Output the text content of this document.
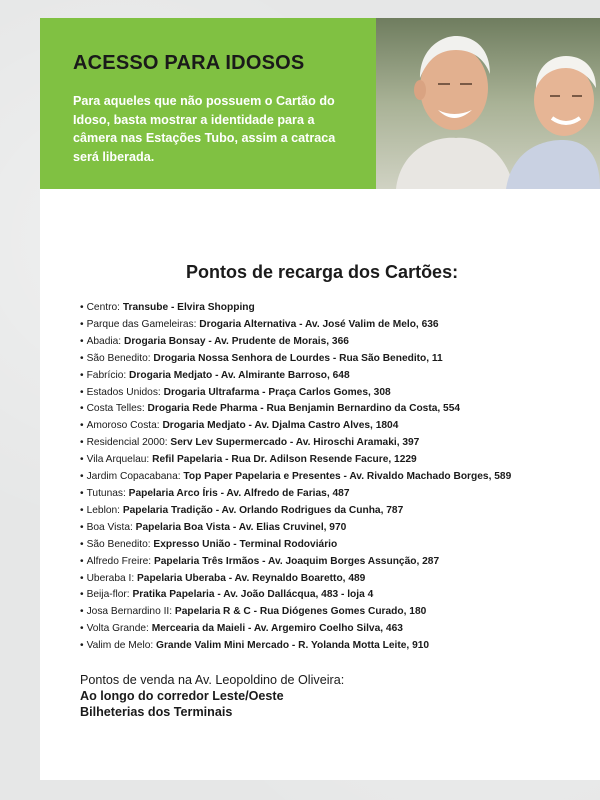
ACESSO PARA IDOSOS

Para aqueles que não possuem o Cartão do Idoso, basta mostrar a identidade para a câmera nas Estações Tubo, assim a catraca será liberada.

Pontos de recarga dos Cartões:
• Centro: Transube - Elvira Shopping
• Parque das Gameleiras: Drogaria Alternativa - Av. José Valim de Melo, 636
• Abadia: Drogaria Bonsay - Av. Prudente de Morais, 366
• São Benedito: Drogaria Nossa Senhora de Lourdes - Rua São Benedito, 11
• Fabrício: Drogaria Medjato - Av. Almirante Barroso, 648
• Estados Unidos: Drogaria Ultrafarma - Praça Carlos Gomes, 308
• Costa Telles: Drogaria Rede Pharma - Rua Benjamin Bernardino da Costa, 554
• Amoroso Costa: Drogaria Medjato - Av. Djalma Castro Alves, 1804
• Residencial 2000: Serv Lev Supermercado - Av. Hiroschi Aramaki, 397
• Vila Arquelau: Refil Papelaria - Rua Dr. Adilson Resende Facure, 1229
• Jardim Copacabana: Top Paper Papelaria e Presentes - Av. Rivaldo Machado Borges, 589
• Tutunas: Papelaria Arco Íris - Av. Alfredo de Farias, 487
• Leblon: Papelaria Tradição - Av. Orlando Rodrigues da Cunha, 787
• Boa Vista: Papelaria Boa Vista - Av. Elias Cruvinel, 970
• São Benedito: Expresso União - Terminal Rodoviário
• Alfredo Freire: Papelaria Três Irmãos - Av. Joaquim Borges Assunção, 287
• Uberaba I: Papelaria Uberaba - Av. Reynaldo Boaretto, 489
• Beija-flor: Pratika Papelaria - Av. João Dallácqua, 483 - loja 4
• Josa Bernardino II: Papelaria R & C - Rua Diógenes Gomes Curado, 180
• Volta Grande: Mercearia da Maieli - Av. Argemiro Coelho Silva, 463
• Valim de Melo: Grande Valim Mini Mercado - R. Yolanda Motta Leite, 910

Pontos de venda na Av. Leopoldino de Oliveira:

Ao longo do corredor Leste/Oeste

Bilheterias dos Terminais
